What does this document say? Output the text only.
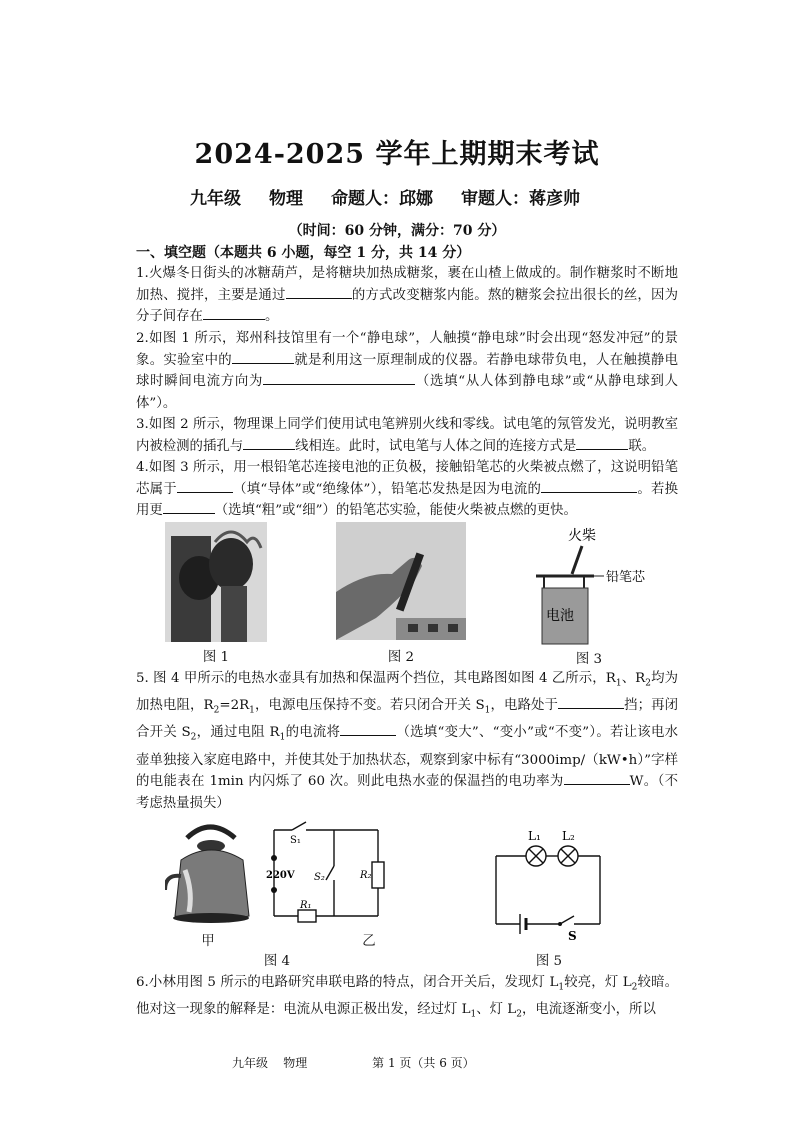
2024-2025 学年上期期末考试
九年级 物理 命题人：邱娜 审题人：蒋彦帅
（时间：60 分钟，满分：70 分）
一、填空题（本题共 6 小题，每空 1 分，共 14 分）
1.火爆冬日街头的冰糖葫芦，是将糖块加热成糖浆，裹在山楂上做成的。制作糖浆时不断地加热、搅拌，主要是通过	的方式改变糖浆内能。熬的糖浆会拉出很长的丝，因为分子间存在	。
2.如图 1 所示，郑州科技馆里有一个“静电球”，人触摸“静电球”时会出现“怒发冲冠”的景象。实验室中的	就是利用这一原理制成的仪器。若静电球带负电，人在触摸静电球时瞬间电流方向为	（选填“从人体到静电球”或“从静电球到人体”）。
3.如图 2 所示，物理课上同学们使用试电笔辨别火线和零线。试电笔的氖管发光，说明教室内被检测的插孔与	线相连。此时，试电笔与人体之间的连接方式是	联。
4.如图 3 所示，用一根铅笔芯连接电池的正负极，接触铅笔芯的火柴被点燃了，这说明铅笔芯属于	（填“导体”或“绝缘体”），铅笔芯发热是因为电流的	。若换用更	（选填“粗”或“细”）的铅笔芯实验，能使火柴被点燃的更快。
图 1	图 2
火柴
电池
铅笔芯
图 3
5. 图 4 甲所示的电热水壶具有加热和保温两个挡位，其电路图如图 4 乙所示，$R_1$、$R_2$均为加热电阻，$R_2=2R_1$，电源电压保持不变。若只闭合开关 $S_1$，电路处于	挡；再闭合开关 $S_2$，通过电阻 $R_1$的电流将	（选填“变大”、“变小”或“不变”）。若让该电水壶单独接入家庭电路中，并使其处于加热状态，观察到家中标有“3000imp/（kW•h）”字样的电能表在 1min 内闪烁了 60 次。则此电热水壶的保温挡的电功率为	W。（不考虑热量损失）
甲
S₁
220V S₂	R₂
R₁
乙
图 4
L₁ L₂
S
图 5
6.小林用图 5 所示的电路研究串联电路的特点，闭合开关后，发现灯 $L_1$较亮，灯 $L_2$较暗。他对这一现象的解释是：电流从电源正极出发，经过灯 $L_1$、灯 $L_2$，电流逐渐变小，所以
九年级 物理	第 1 页（共 6 页）
